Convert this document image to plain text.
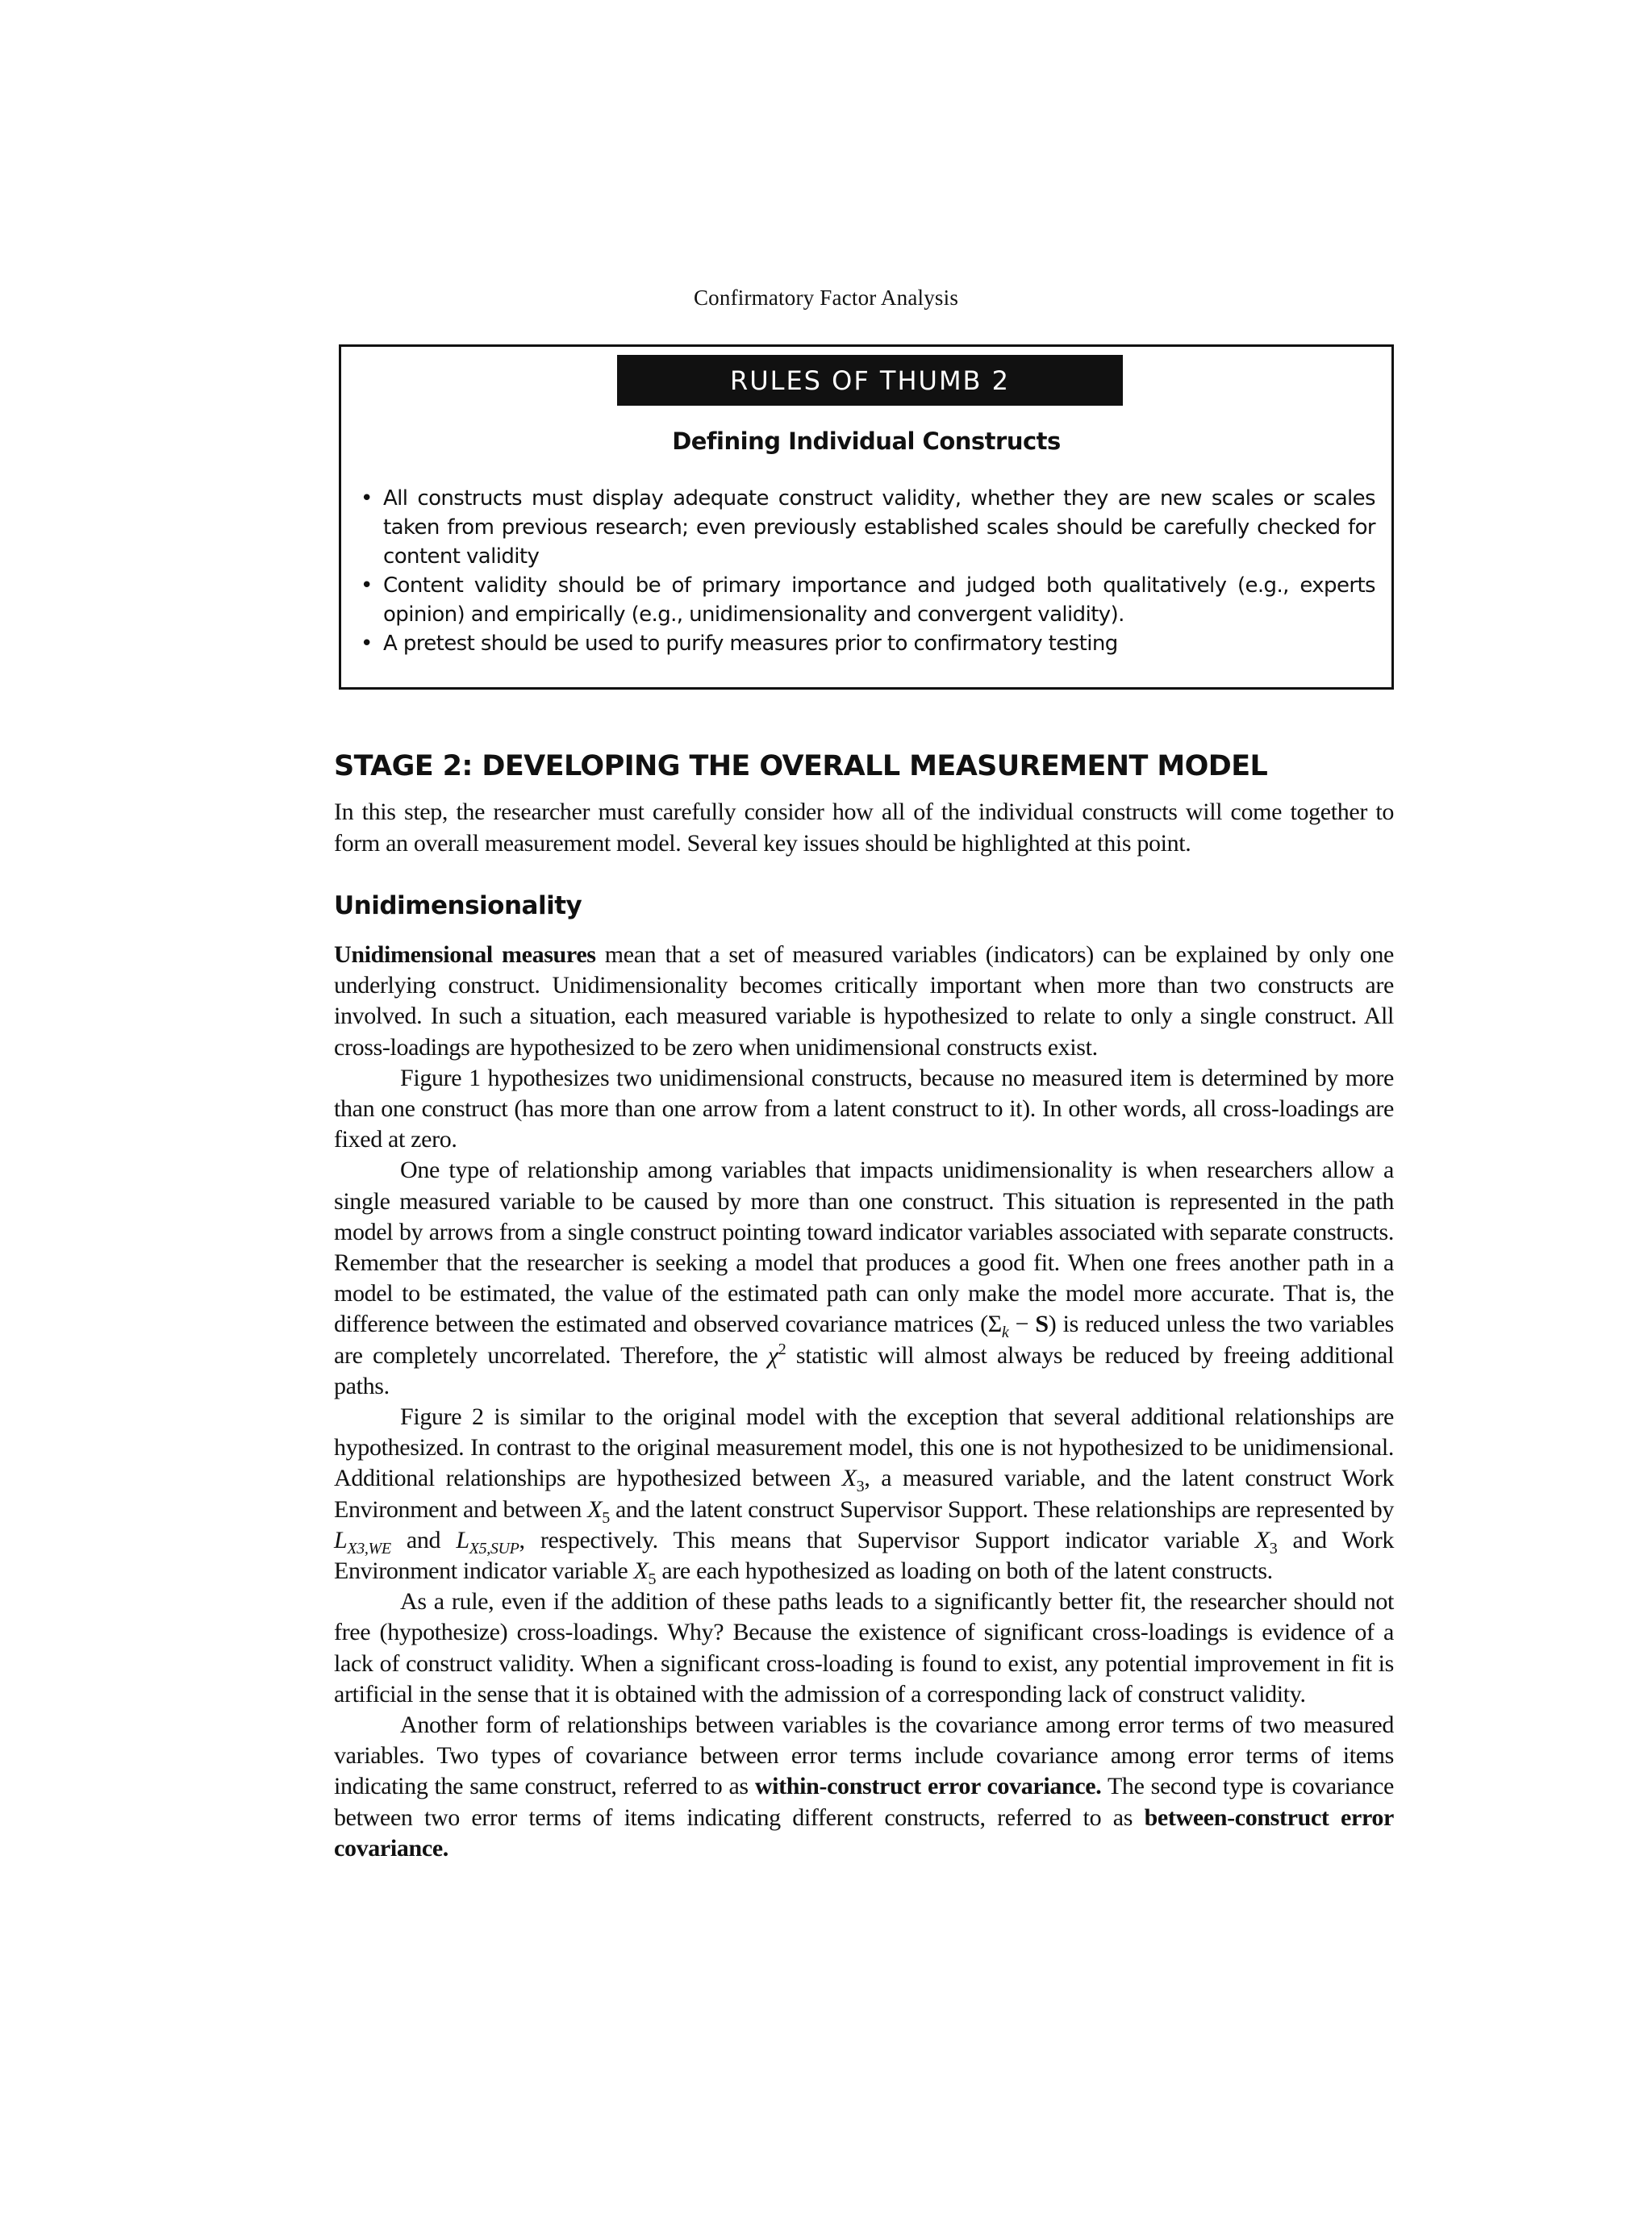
Confirmatory Factor Analysis
RULES OF THUMB 2
Defining Individual Constructs
• All constructs must display adequate construct validity, whether they are new scales or scales taken from previous research; even previously established scales should be carefully checked for content validity
• Content validity should be of primary importance and judged both qualitatively (e.g., experts opinion) and empirically (e.g., unidimensionality and convergent validity).
• A pretest should be used to purify measures prior to confirmatory testing
STAGE 2: DEVELOPING THE OVERALL MEASUREMENT MODEL
In this step, the researcher must carefully consider how all of the individual constructs will come together to form an overall measurement model. Several key issues should be highlighted at this point.
Unidimensionality

Unidimensional measures mean that a set of measured variables (indicators) can be explained by only one underlying construct. Unidimensionality becomes critically important when more than two constructs are involved. In such a situation, each measured variable is hypothesized to relate to only a single construct. All cross-loadings are hypothesized to be zero when unidimensional constructs exist.

Figure 1 hypothesizes two unidimensional constructs, because no measured item is determined by more than one construct (has more than one arrow from a latent construct to it). In other words, all cross-loadings are fixed at zero.

One type of relationship among variables that impacts unidimensionality is when researchers allow a single measured variable to be caused by more than one construct. This situation is represented in the path model by arrows from a single construct pointing toward indicator variables associated with separate constructs. Remember that the researcher is seeking a model that produces a good fit. When one frees another path in a model to be estimated, the value of the estimated path can only make the model more accurate. That is, the difference between the estimated and observed covariance matrices $(\Sigma_k - S)$ is reduced unless the two variables are completely uncorrelated. Therefore, the $\chi^2$ statistic will almost always be reduced by freeing additional paths.

Figure 2 is similar to the original model with the exception that several additional relationships are hypothesized. In contrast to the original measurement model, this one is not hypothesized to be unidimensional. Additional relationships are hypothesized between $X_3$, a measured variable, and the latent construct Work Environment and between $X_5$ and the latent construct Supervisor Support. These relationships are represented by $L_{X3,WE}$ and $L_{X5,SUP}$, respectively. This means that Supervisor Support indicator variable $X_3$ and Work Environment indicator variable $X_5$ are each hypothesized as loading on both of the latent constructs.

As a rule, even if the addition of these paths leads to a significantly better fit, the researcher should not free (hypothesize) cross-loadings. Why? Because the existence of significant cross-loadings is evidence of a lack of construct validity. When a significant cross-loading is found to exist, any potential improvement in fit is artificial in the sense that it is obtained with the admission of a corresponding lack of construct validity.

Another form of relationships between variables is the covariance among error terms of two measured variables. Two types of covariance between error terms include covariance among error terms of items indicating the same construct, referred to as within-construct error covariance. The second type is covariance between two error terms of items indicating different constructs, referred to as between-construct error covariance.
